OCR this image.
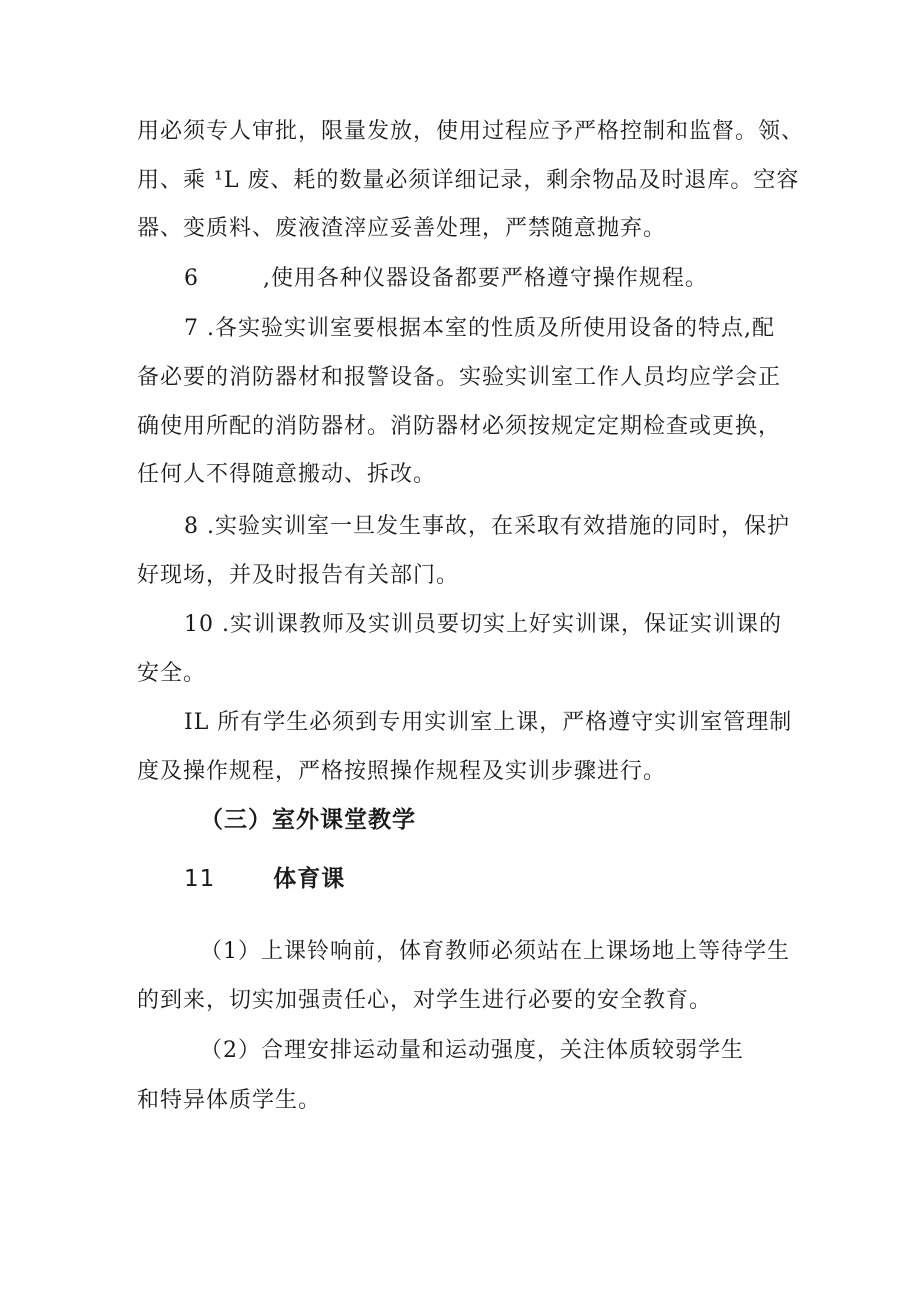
用必须专人审批，限量发放，使用过程应予严格控制和监督。领、
用、乘 ¹L 废、耗的数量必须详细记录，剩余物品及时退库。空容
器、变质料、废液渣滓应妥善处理，严禁随意抛弃。
6        ,使用各种仪器设备都要严格遵守操作规程。
7 .各实验实训室要根据本室的性质及所使用设备的特点,配
备必要的消防器材和报警设备。实验实训室工作人员均应学会正
确使用所配的消防器材。消防器材必须按规定定期检查或更换，
任何人不得随意搬动、拆改。
8 .实验实训室一旦发生事故，在采取有效措施的同时，保护
好现场，并及时报告有关部门。
10 .实训课教师及实训员要切实上好实训课，保证实训课的
安全。
IL 所有学生必须到专用实训室上课，严格遵守实训室管理制
度及操作规程，严格按照操作规程及实训步骤进行。
（三）室外课堂教学
11	体育课
（1）上课铃响前，体育教师必须站在上课场地上等待学生
的到来，切实加强责任心，对学生进行必要的安全教育。
（2）合理安排运动量和运动强度，关注体质较弱学生
和特异体质学生。
